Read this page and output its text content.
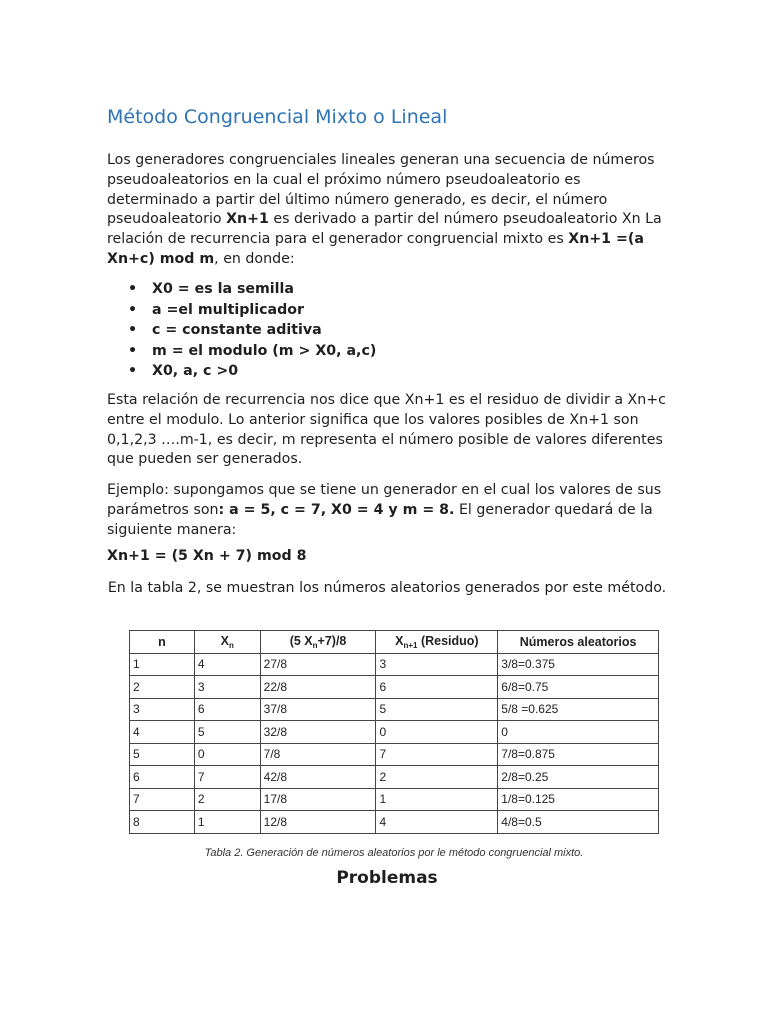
Método Congruencial Mixto o Lineal

Los generadores congruenciales lineales generan una secuencia de números pseudoaleatorios en la cual el próximo número pseudoaleatorio es determinado a partir del último número generado, es decir, el número pseudoaleatorio Xn+1 es derivado a partir del número pseudoaleatorio Xn La relación de recurrencia para el generador congruencial mixto es Xn+1 =(a Xn+c) mod m, en donde:

• X0 = es la semilla
• a =el multiplicador
• c = constante aditiva
• m = el modulo (m > X0, a,c)
• X0, a, c >0

Esta relación de recurrencia nos dice que Xn+1 es el residuo de dividir a Xn+c entre el modulo. Lo anterior significa que los valores posibles de Xn+1 son 0,1,2,3 ….m-1, es decir, m representa el número posible de valores diferentes que pueden ser generados.

Ejemplo: supongamos que se tiene un generador en el cual los valores de sus parámetros son: a = 5, c = 7, X0 = 4 y m = 8. El generador quedará de la siguiente manera:

Xn+1 = (5 Xn + 7) mod 8
En la tabla 2, se muestran los números aleatorios generados por este método.
n	$X_n$	(5 $X_n+7)/8$	$X_{n+1}$ (Residuo)	Números aleatorios
1	4	27/8	3	3/8=0.375
2	3	22/8	6	6/8=0.75
3	6	37/8	5	5/8 =0.625
4	5	32/8	0	0
5	0	7/8	7	7/8=0.875
6	7	42/8	2	2/8=0.25
7	2	17/8	1	1/8=0.125
8	1	12/8	4	4/8=0.5
Tabla 2. Generación de números aleatorios por le método congruencial mixto.
Problemas
